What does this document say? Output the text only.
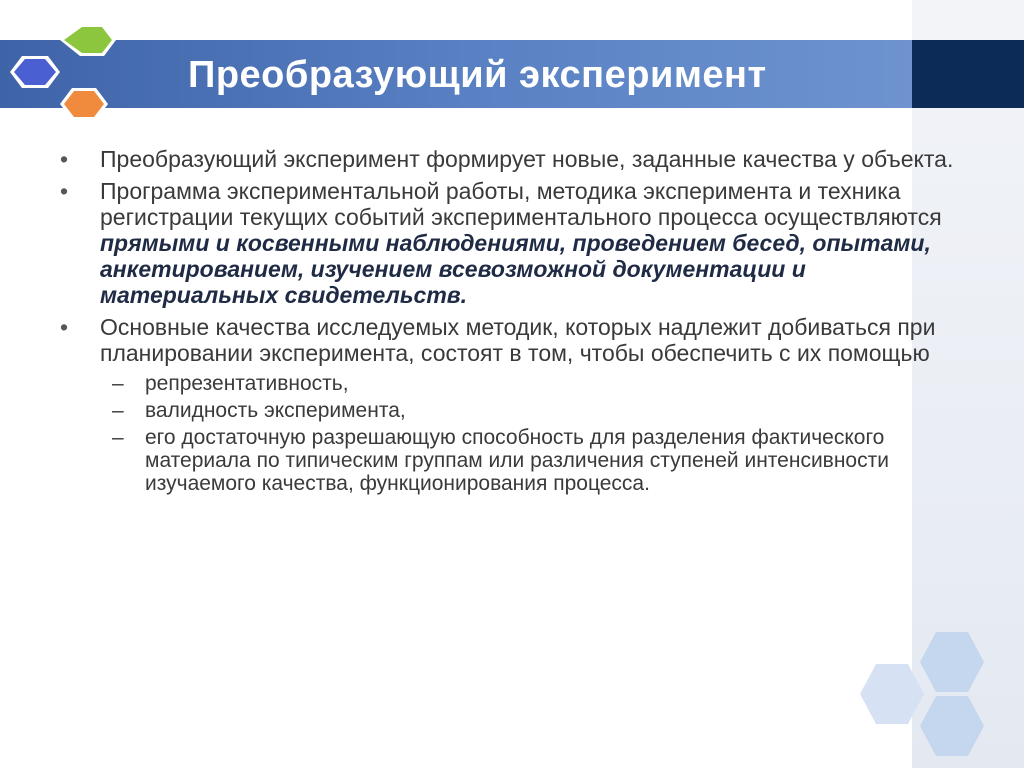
Преобразующий эксперимент
•	Преобразующий эксперимент формирует новые, заданные качества у объекта.
•	Программа экспериментальной работы, методика эксперимента и техника регистрации текущих событий экспериментального процесса осуществляются прямыми и косвенными наблюдениями, проведением бесед, опытами, анкетированием, изучением всевозможной документации и материальных свидетельств.
•	Основные качества исследуемых методик, которых надлежит добиваться при планировании эксперимента, состоят в том, чтобы обеспечить с их помощью
– репрезентативность,
– валидность эксперимента,
– его достаточную разрешающую способность для разделения фактического материала по типическим группам или различения ступеней интенсивности изучаемого качества, функционирования процесса.
